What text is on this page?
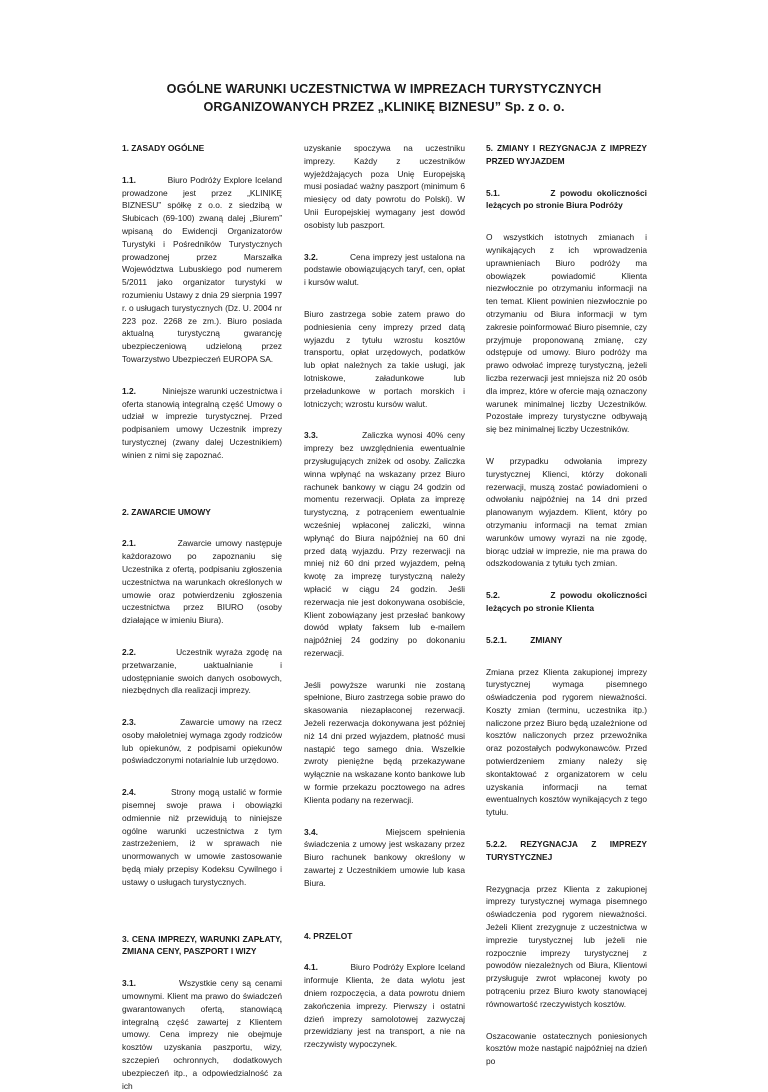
OGÓLNE WARUNKI UCZESTNICTWA W IMPREZACH TURYSTYCZNYCH
ORGANIZOWANYCH PRZEZ „KLINIKĘ BIZNESU” Sp. z o. o.
1. ZASADY OGÓLNE

1.1.	Biuro Podróży Explore Iceland prowadzone jest przez „KLINIKĘ BIZNESU” spółkę z o.o. z siedzibą w Słubicach (69-100) zwaną dalej „Biurem” wpisaną do Ewidencji Organizatorów Turystyki i Pośredników Turystycznych prowadzonej przez Marszałka Województwa Lubuskiego pod numerem 5/2011 jako organizator turystyki w rozumieniu Ustawy z dnia 29 sierpnia 1997 r. o usługach turystycznych (Dz. U. 2004 nr 223 poz. 2268 ze zm.). Biuro posiada aktualną turystyczną gwarancję ubezpieczeniową udzieloną przez Towarzystwo Ubezpieczeń EUROPA SA.

1.2.	Niniejsze warunki uczestnictwa i oferta stanowią integralną część Umowy o udział w imprezie turystycznej. Przed podpisaniem umowy Uczestnik imprezy turystycznej (zwany dalej Uczestnikiem) winien z nimi się zapoznać.

2. ZAWARCIE UMOWY

2.1.	Zawarcie umowy następuje każdorazowo po zapoznaniu się Uczestnika z ofertą, podpisaniu zgłoszenia uczestnictwa na warunkach określonych w umowie oraz potwierdzeniu zgłoszenia uczestnictwa przez BIURO (osoby działające w imieniu Biura).

2.2.	Uczestnik wyraża zgodę na przetwarzanie, uaktualnianie i udostępnianie swoich danych osobowych, niezbędnych dla realizacji imprezy.

2.3.	Zawarcie umowy na rzecz osoby małoletniej wymaga zgody rodziców lub opiekunów, z podpisami opiekunów poświadczonymi notarialnie lub urzędowo.

2.4.	Strony mogą ustalić w formie pisemnej swoje prawa i obowiązki odmiennie niż przewidują to niniejsze ogólne warunki uczestnictwa z tym zastrzeżeniem, iż w sprawach nie unormowanych w umowie zastosowanie będą miały przepisy Kodeksu Cywilnego i ustawy o usługach turystycznych.

3. CENA IMPREZY, WARUNKI ZAPŁATY, ZMIANA CENY, PASZPORT I WIZY

3.1.	Wszystkie ceny są cenami umownymi. Klient ma prawo do świadczeń gwarantowanych ofertą, stanowiącą integralną część zawartej z Klientem umowy. Cena imprezy nie obejmuje kosztów uzyskania paszportu, wizy, szczepień ochronnych, dodatkowych ubezpieczeń itp., a odpowiedzialność za ich

uzyskanie spoczywa na uczestniku imprezy. Każdy z uczestników wyjeżdżających poza Unię Europejską musi posiadać ważny paszport (minimum 6 miesięcy od daty powrotu do Polski). W Unii Europejskiej wymagany jest dowód osobisty lub paszport.

3.2.	Cena imprezy jest ustalona na podstawie obowiązujących taryf, cen, opłat i kursów walut.

Biuro zastrzega sobie zatem prawo do podniesienia ceny imprezy przed datą wyjazdu z tytułu wzrostu kosztów transportu, opłat urzędowych, podatków lub opłat należnych za takie usługi, jak lotniskowe, załadunkowe lub przeładunkowe w portach morskich i lotniczych; wzrostu kursów walut.

3.3.	Zaliczka wynosi 40% ceny imprezy bez uwzględnienia ewentualnie przysługujących zniżek od osoby. Zaliczka winna wpłynąć na wskazany przez Biuro rachunek bankowy w ciągu 24 godzin od momentu rezerwacji. Opłata za imprezę turystyczną, z potrąceniem ewentualnie wcześniej wpłaconej zaliczki, winna wpłynąć do Biura najpóźniej na 60 dni przed datą wyjazdu. Przy rezerwacji na mniej niż 60 dni przed wyjazdem, pełną kwotę za imprezę turystyczną należy wpłacić w ciągu 24 godzin. Jeśli rezerwacja nie jest dokonywana osobiście, Klient zobowiązany jest przesłać bankowy dowód wpłaty faksem lub e-mailem najpóźniej 24 godziny po dokonaniu rezerwacji.

Jeśli powyższe warunki nie zostaną spełnione, Biuro zastrzega sobie prawo do skasowania niezapłaconej rezerwacji. Jeżeli rezerwacja dokonywana jest później niż 14 dni przed wyjazdem, płatność musi nastąpić tego samego dnia. Wszelkie zwroty pieniężne będą przekazywane wyłącznie na wskazane konto bankowe lub w formie przekazu pocztowego na adres Klienta podany na rezerwacji.

3.4.	Miejscem spełnienia świadczenia z umowy jest wskazany przez Biuro rachunek bankowy określony w zawartej z Uczestnikiem umowie lub kasa Biura.

4. PRZELOT

4.1.	Biuro Podróży Explore Iceland informuje Klienta, że data wylotu jest dniem rozpoczęcia, a data powrotu dniem zakończenia imprezy. Pierwszy i ostatni dzień imprezy samolotowej zazwyczaj przewidziany jest na transport, a nie na rzeczywisty wypoczynek.

5. ZMIANY I REZYGNACJA Z IMPREZY PRZED WYJAZDEM

5.1.	Z powodu okoliczności leżących po stronie Biura Podróży

O wszystkich istotnych zmianach i wynikających z ich wprowadzenia uprawnieniach Biuro podróży ma obowiązek powiadomić Klienta niezwłocznie po otrzymaniu informacji na ten temat. Klient powinien niezwłocznie po otrzymaniu od Biura informacji w tym zakresie poinformować Biuro pisemnie, czy przyjmuje proponowaną zmianę, czy odstępuje od umowy. Biuro podróży ma prawo odwołać imprezę turystyczną, jeżeli liczba rezerwacji jest mniejsza niż 20 osób dla imprez, które w ofercie mają oznaczony warunek minimalnej liczby Uczestników. Pozostałe imprezy turystyczne odbywają się bez minimalnej liczby Uczestników.

W przypadku odwołania imprezy turystycznej Klienci, którzy dokonali rezerwacji, muszą zostać powiadomieni o odwołaniu najpóźniej na 14 dni przed planowanym wyjazdem. Klient, który po otrzymaniu informacji na temat zmian warunków umowy wyrazi na nie zgodę, biorąc udział w imprezie, nie ma prawa do odszkodowania z tytułu tych zmian.

5.2.	Z powodu okoliczności leżących po stronie Klienta

5.2.1.	ZMIANY

Zmiana przez Klienta zakupionej imprezy turystycznej wymaga pisemnego oświadczenia pod rygorem nieważności. Koszty zmian (terminu, uczestnika itp.) naliczone przez Biuro będą uzależnione od kosztów naliczonych przez przewoźnika oraz pozostałych podwykonawców. Przed potwierdzeniem zmiany należy się skontaktować z organizatorem w celu uzyskania informacji na temat ewentualnych kosztów wynikających z tego tytułu.

5.2.2. REZYGNACJA Z IMPREZY
TURYSTYCZNEJ

Rezygnacja przez Klienta z zakupionej imprezy turystycznej wymaga pisemnego oświadczenia pod rygorem nieważności. Jeżeli Klient zrezygnuje z uczestnictwa w imprezie turystycznej lub jeżeli nie rozpocznie imprezy turystycznej z powodów niezależnych od Biura, Klientowi przysługuje zwrot wpłaconej kwoty po potrąceniu przez Biuro kwoty stanowiącej równowartość rzeczywistych kosztów.

Oszacowanie ostatecznych poniesionych kosztów może nastąpić najpóźniej na dzień po
